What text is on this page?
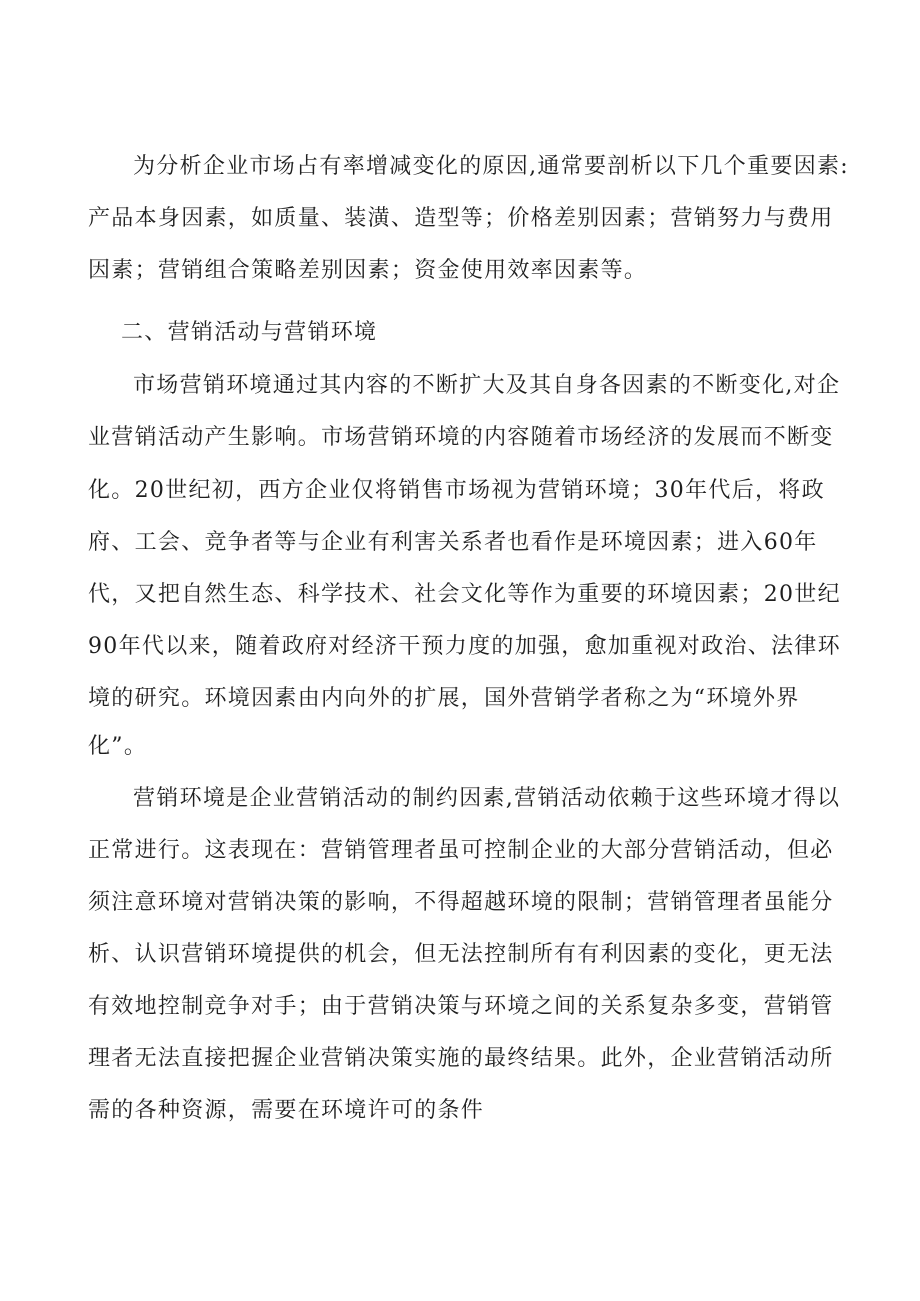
为分析企业市场占有率增减变化的原因,通常要剖析以下几个重要因素:
产品本身因素，如质量、装潢、造型等；价格差别因素；营销努力与费用
因素；营销组合策略差别因素；资金使用效率因素等。
二、营销活动与营销环境
市场营销环境通过其内容的不断扩大及其自身各因素的不断变化,对企
业营销活动产生影响。市场营销环境的内容随着市场经济的发展而不断变
化。20世纪初，西方企业仅将销售市场视为营销环境；30年代后，将政
府、工会、竞争者等与企业有利害关系者也看作是环境因素；进入60年
代，又把自然生态、科学技术、社会文化等作为重要的环境因素；20世纪
90年代以来，随着政府对经济干预力度的加强，愈加重视对政治、法律环
境的研究。环境因素由内向外的扩展，国外营销学者称之为“环境外界
化”。
营销环境是企业营销活动的制约因素,营销活动依赖于这些环境才得以
正常进行。这表现在：营销管理者虽可控制企业的大部分营销活动，但必
须注意环境对营销决策的影响，不得超越环境的限制；营销管理者虽能分
析、认识营销环境提供的机会，但无法控制所有有利因素的变化，更无法
有效地控制竞争对手；由于营销决策与环境之间的关系复杂多变，营销管
理者无法直接把握企业营销决策实施的最终结果。此外，企业营销活动所
需的各种资源，需要在环境许可的条件
